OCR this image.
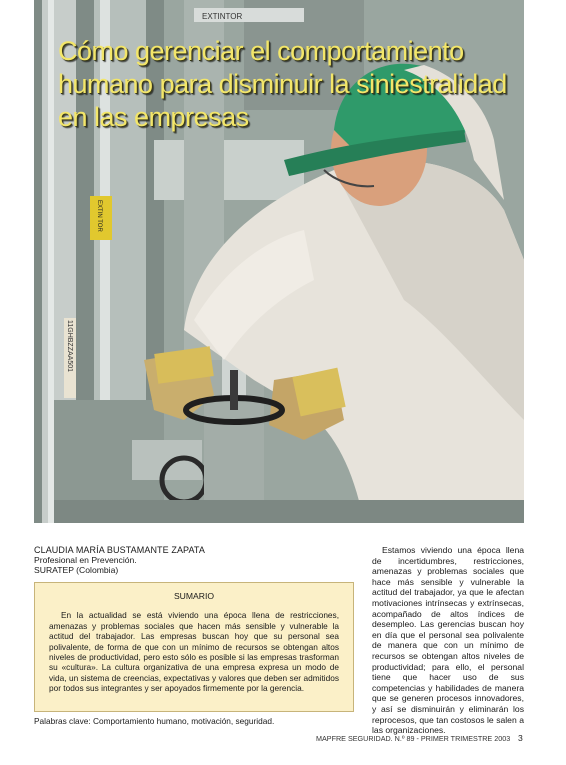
EXTINTOR
EXTIN TOR
11GHBZZAA501
Cómo gerenciar el comportamiento
humano para disminuir la siniestralidad
en las empresas
CLAUDIA MARÍA BUSTAMANTE ZAPATA
Profesional en Prevención.
SURATEP (Colombia)
SUMARIO

En la actualidad se está viviendo una época llena de restricciones, amenazas y problemas sociales que hacen más sensible y vulnerable la actitud del trabajador. Las empresas buscan hoy que su personal sea polivalente, de forma de que con un mínimo de recursos se obtengan altos niveles de productividad, pero esto sólo es posible si las empresas trasforman su «cultura». La cultura organizativa de una empresa expresa un modo de vida, un sistema de creencias, expectativas y valores que deben ser admitidos por todos sus integrantes y ser apoyados firmemente por la gerencia.

Palabras clave: Comportamiento humano, motivación, seguridad.

Estamos viviendo una época llena de incertidumbres, restricciones, amenazas y problemas sociales que hace más sensible y vulnerable la actitud del trabajador, ya que le afectan motivaciones intrínsecas y extrínsecas, acompañado de altos índices de desempleo. Las gerencias buscan hoy en día que el personal sea polivalente de manera que con un mínimo de recursos se obtengan altos niveles de productividad; para ello, el personal tiene que hacer uso de sus competencias y habilidades de manera que se generen procesos innovadores, y así se disminuirán y eliminarán los reprocesos, que tan costosos le salen a las organizaciones.

MAPFRE SEGURIDAD. N.º 89 - PRIMER TRIMESTRE 2003 3
